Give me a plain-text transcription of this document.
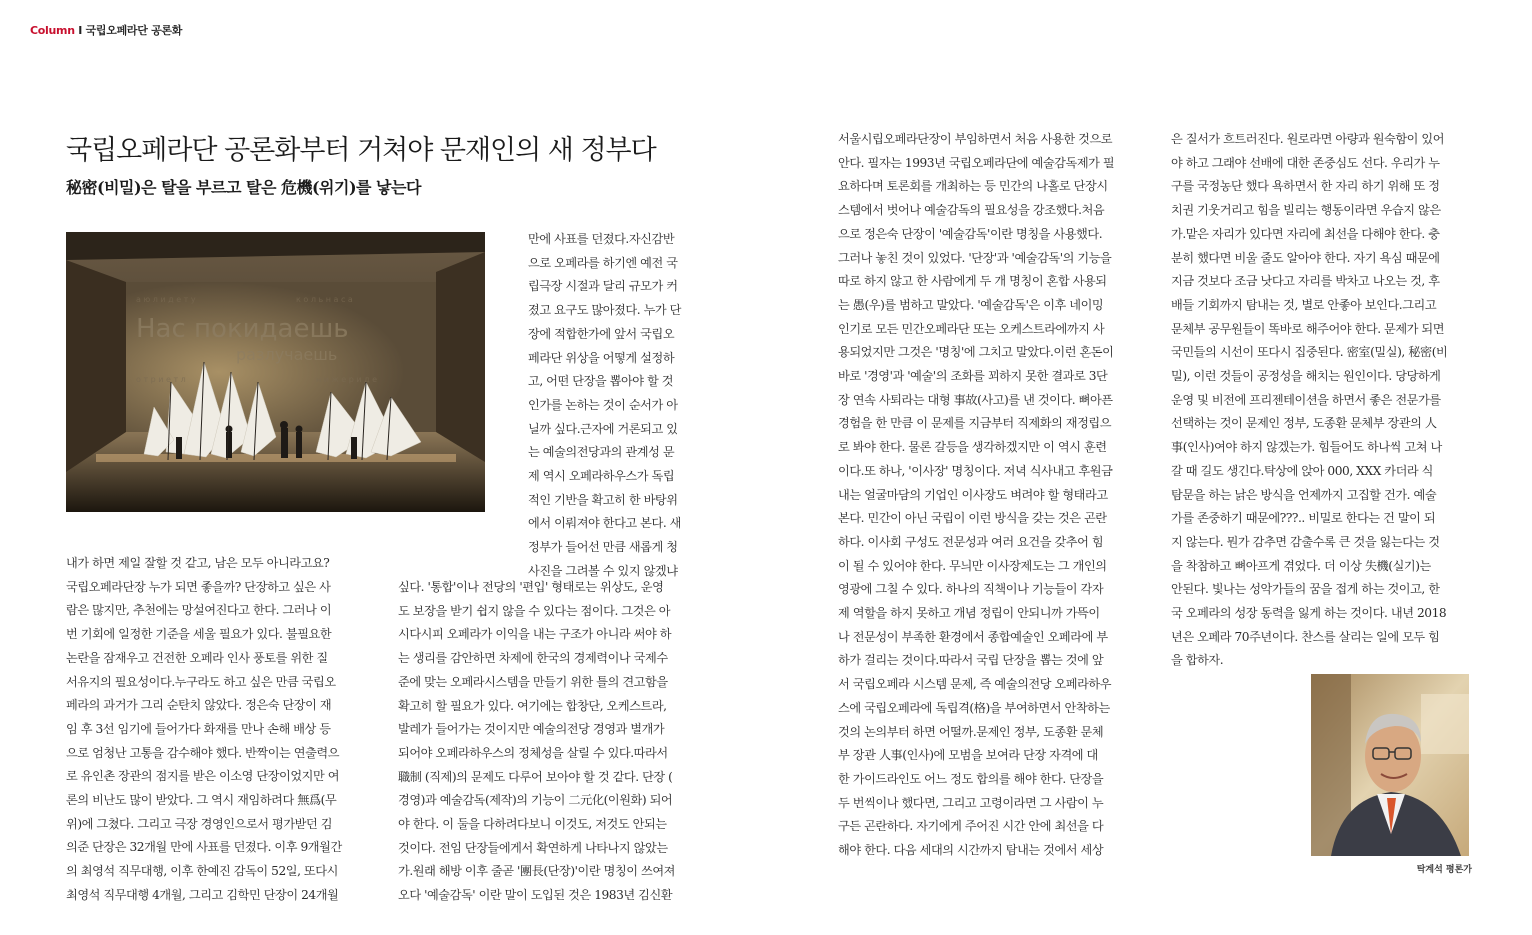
Column I 국립오페라단 공론화
국립오페라단 공론화부터 거쳐야 문재인의 새 정부다
秘密(비밀)은 탈을 부르고 탈은 危機(위기)를 낳는다
а ю л и д е т у	к о л ь н а с а
о т р и е т л	н и ж е р и д е
Нас покидаешь
разлучаешь
만에 사표를 던졌다.자신감반
으로 오페라를 하기엔 예전 국
립극장 시절과 달리 규모가 커
졌고 요구도 많아졌다. 누가 단
장에 적합한가에 앞서 국립오
페라단 위상을 어떻게 설정하
고, 어떤 단장을 뽑아야 할 것
인가를 논하는 것이 순서가 아
닐까 싶다.근자에 거론되고 있
는 예술의전당과의 관계성 문
제 역시 오페라하우스가 독립
적인 기반을 확고히 한 바탕위
에서 이뤄져야 한다고 본다. 새
정부가 들어선 만큼 새롭게 청
사진을 그려볼 수 있지 않겠냐
내가 하면 제일 잘할 것 같고, 남은 모두 아니라고요?
국립오페라단장 누가 되면 좋을까? 단장하고 싶은 사
람은 많지만, 추천에는 망설여진다고 한다. 그러나 이
번 기회에 일정한 기준을 세울 필요가 있다. 불필요한
논란을 잠재우고 건전한 오페라 인사 풍토를 위한 질
서유지의 필요성이다.누구라도 하고 싶은 만큼 국립오
페라의 과거가 그리 순탄치 않았다. 정은숙 단장이 재
임 후 3선 임기에 들어가다 화재를 만나 손해 배상 등
으로 엄청난 고통을 감수해야 했다. 반짝이는 연출력으
로 유인촌 장관의 점지를 받은 이소영 단장이었지만 여
론의 비난도 많이 받았다. 그 역시 재임하려다 無爲(무
위)에 그쳤다. 그리고 극장 경영인으로서 평가받던 김
의준 단장은 32개월 만에 사표를 던졌다. 이후 9개월간
의 최영석 직무대행, 이후 한예진 감독이 52일, 또다시
최영석 직무대행 4개월, 그리고 김학민 단장이 24개월
싶다. '통합'이나 전당의 '편입' 형태로는 위상도, 운영
도 보장을 받기 쉽지 않을 수 있다는 점이다. 그것은 아
시다시피 오페라가 이익을 내는 구조가 아니라 써야 하
는 생리를 감안하면 차제에 한국의 경제력이나 국제수
준에 맞는 오페라시스템을 만들기 위한 틀의 견고함을
확고히 할 필요가 있다. 여기에는 합창단, 오케스트라,
발레가 들어가는 것이지만 예술의전당 경영과 별개가
되어야 오페라하우스의 정체성을 살릴 수 있다.따라서
職制 (직제)의 문제도 다루어 보아야 할 것 같다. 단장 (
경영)과 예술감독(제작)의 기능이 二元化(이원화) 되어
야 한다. 이 둘을 다하려다보니 이것도, 저것도 안되는
것이다. 전임 단장들에게서 확연하게 나타나지 않았는
가.원래 해방 이후 줄곧 '團長(단장)'이란 명칭이 쓰여져
오다 '예술감독' 이란 말이 도입된 것은 1983년 김신환
서울시립오페라단장이 부임하면서 처음 사용한 것으로
안다. 필자는 1993년 국립오페라단에 예술감독제가 필
요하다며 토론회를 개최하는 등 민간의 나홀로 단장시
스템에서 벗어나 예술감독의 필요성을 강조했다.처음
으로 정은숙 단장이 '예술감독'이란 명칭을 사용했다.
그러나 놓친 것이 있었다. '단장'과 '예술감독'의 기능을
따로 하지 않고 한 사람에게 두 개 명칭이 혼합 사용되
는 愚(우)를 범하고 말았다. '예술감독'은 이후 네이밍
인기로 모든 민간오페라단 또는 오케스트라에까지 사
용되었지만 그것은 '명칭'에 그치고 말았다.이런 혼돈이
바로 '경영'과 '예술'의 조화를 꾀하지 못한 결과로 3단
장 연속 사퇴라는 대형 事故(사고)를 낸 것이다. 뼈아픈
경험을 한 만큼 이 문제를 지금부터 직제화의 재정립으
로 봐야 한다. 물론 갈등을 생각하겠지만 이 역시 훈련
이다.또 하나, '이사장' 명칭이다. 저녁 식사내고 후원금
내는 얼굴마담의 기업인 이사장도 벼려야 할 형태라고
본다. 민간이 아닌 국립이 이런 방식을 갖는 것은 곤란
하다. 이사회 구성도 전문성과 여러 요건을 갖추어 힘
이 될 수 있어야 한다. 무늬만 이사장제도는 그 개인의
영광에 그칠 수 있다. 하나의 직책이나 기능들이 각자
제 역할을 하지 못하고 개념 정립이 안되니까 가뜩이
나 전문성이 부족한 환경에서 종합예술인 오페라에 부
하가 걸리는 것이다.따라서 국립 단장을 뽑는 것에 앞
서 국립오페라 시스템 문제, 즉 예술의전당 오페라하우
스에 국립오페라에 독립격(格)을 부여하면서 안착하는
것의 논의부터 하면 어떨까.문제인 정부, 도종환 문체
부 장관 人事(인사)에 모범을 보여라 단장 자격에 대
한 가이드라인도 어느 정도 합의를 해야 한다. 단장을
두 번씩이나 했다면, 그리고 고령이라면 그 사람이 누
구든 곤란하다. 자기에게 주어진 시간 안에 최선을 다
해야 한다. 다음 세대의 시간까지 탐내는 것에서 세상
은 질서가 흐트러진다. 원로라면 아량과 원숙함이 있어
야 하고 그래야 선배에 대한 존중심도 선다. 우리가 누
구를 국정농단 했다 욕하면서 한 자리 하기 위해 또 정
치권 기웃거리고 힘을 빌리는 행동이라면 우습지 않은
가.맡은 자리가 있다면 자리에 최선을 다해야 한다. 충
분히 했다면 비울 줄도 알아야 한다. 자기 욕심 때문에
지금 것보다 조금 낫다고 자리를 박차고 나오는 것, 후
배들 기회까지 탐내는 것, 별로 안좋아 보인다.그리고
문체부 공무원들이 똑바로 해주어야 한다. 문제가 되면
국민들의 시선이 또다시 집중된다. 密室(밀실), 秘密(비
밀), 이런 것들이 공정성을 해치는 원인이다. 당당하게
운영 및 비전에 프리젠테이션을 하면서 좋은 전문가를
선택하는 것이 문제인 정부, 도종환 문체부 장관의 人
事(인사)여야 하지 않겠는가. 힘들어도 하나씩 고쳐 나
갈 때 길도 생긴다.탁상에 앉아 000, XXX 카더라 식
탐문을 하는 낡은 방식을 언제까지 고집할 건가. 예술
가를 존중하기 때문에???.. 비밀로 한다는 건 말이 되
지 않는다. 뭔가 감추면 감출수록 큰 것을 잃는다는 것
을 착참하고 뼈아프게 겪었다. 더 이상 失機(실기)는
안된다. 빛나는 성악가들의 꿈을 접게 하는 것이고, 한
국 오페라의 성장 동력을 잃게 하는 것이다. 내년 2018
년은 오페라 70주년이다. 찬스를 살리는 일에 모두 힘
을 합하자.
탁계석 평론가
